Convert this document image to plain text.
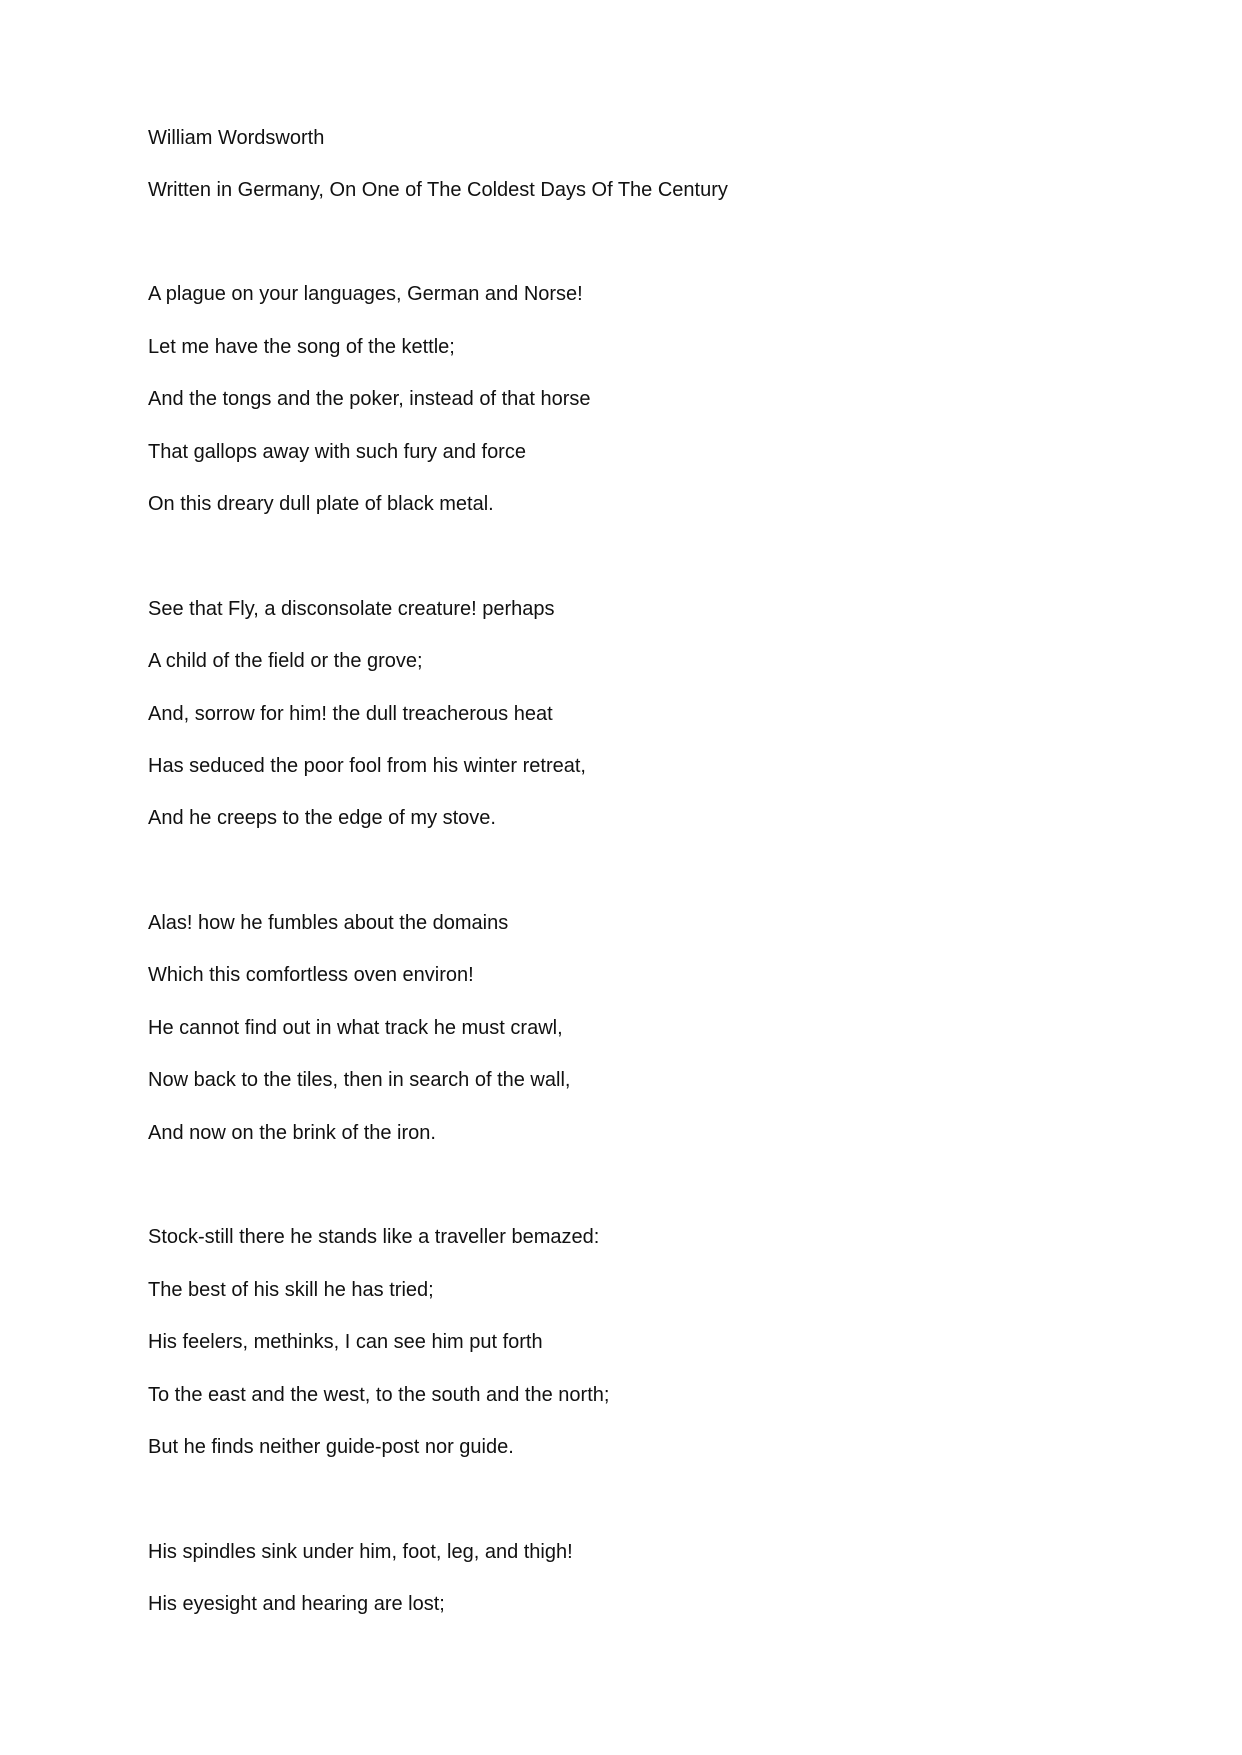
William Wordsworth

Written in Germany, On One of The Coldest Days Of The Century

A plague on your languages, German and Norse!

Let me have the song of the kettle;

And the tongs and the poker, instead of that horse

That gallops away with such fury and force

On this dreary dull plate of black metal.

See that Fly, a disconsolate creature! perhaps

A child of the field or the grove;

And, sorrow for him! the dull treacherous heat

Has seduced the poor fool from his winter retreat,

And he creeps to the edge of my stove.

Alas! how he fumbles about the domains

Which this comfortless oven environ!

He cannot find out in what track he must crawl,

Now back to the tiles, then in search of the wall,

And now on the brink of the iron.

Stock-still there he stands like a traveller bemazed:

The best of his skill he has tried;

His feelers, methinks, I can see him put forth

To the east and the west, to the south and the north;

But he finds neither guide-post nor guide.

His spindles sink under him, foot, leg, and thigh!

His eyesight and hearing are lost;
